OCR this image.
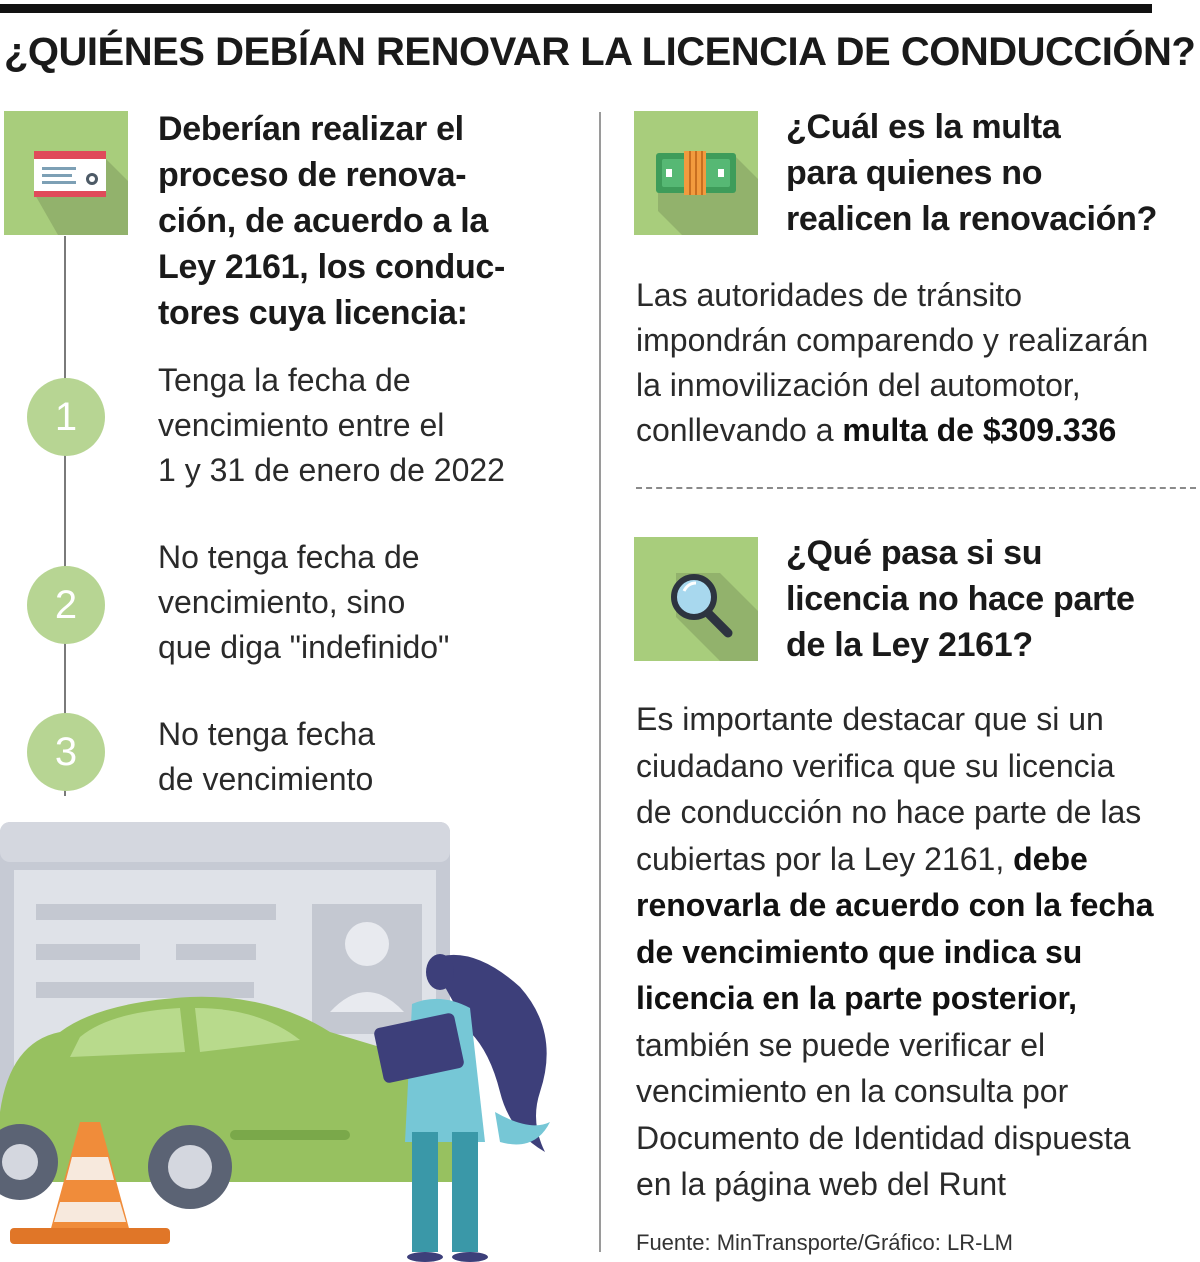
¿QUIÉNES DEBÍAN RENOVAR LA LICENCIA DE CONDUCCIÓN?
Deberían realizar el
proceso de renova-
ción, de acuerdo a la
Ley 2161, los conduc-
tores cuya licencia:
1
Tenga la fecha de
vencimiento entre el
1 y 31 de enero de 2022
2
No tenga fecha de
vencimiento, sino
que diga "indefinido"
3	No tenga fecha
de vencimiento
¿Cuál es la multa
para quienes no
realicen la renovación?
Las autoridades de tránsito
impondrán comparendo y realizarán
la inmovilización del automotor,
conllevando a multa de $309.336
¿Qué pasa si su
licencia no hace parte
de la Ley 2161?
Es importante destacar que si un
ciudadano verifica que su licencia
de conducción no hace parte de las
cubiertas por la Ley 2161, debe
renovarla de acuerdo con la fecha
de vencimiento que indica su
licencia en la parte posterior,
también se puede verificar el
vencimiento en la consulta por
Documento de Identidad dispuesta
en la página web del Runt
Fuente: MinTransporte/Gráfico: LR-LM
